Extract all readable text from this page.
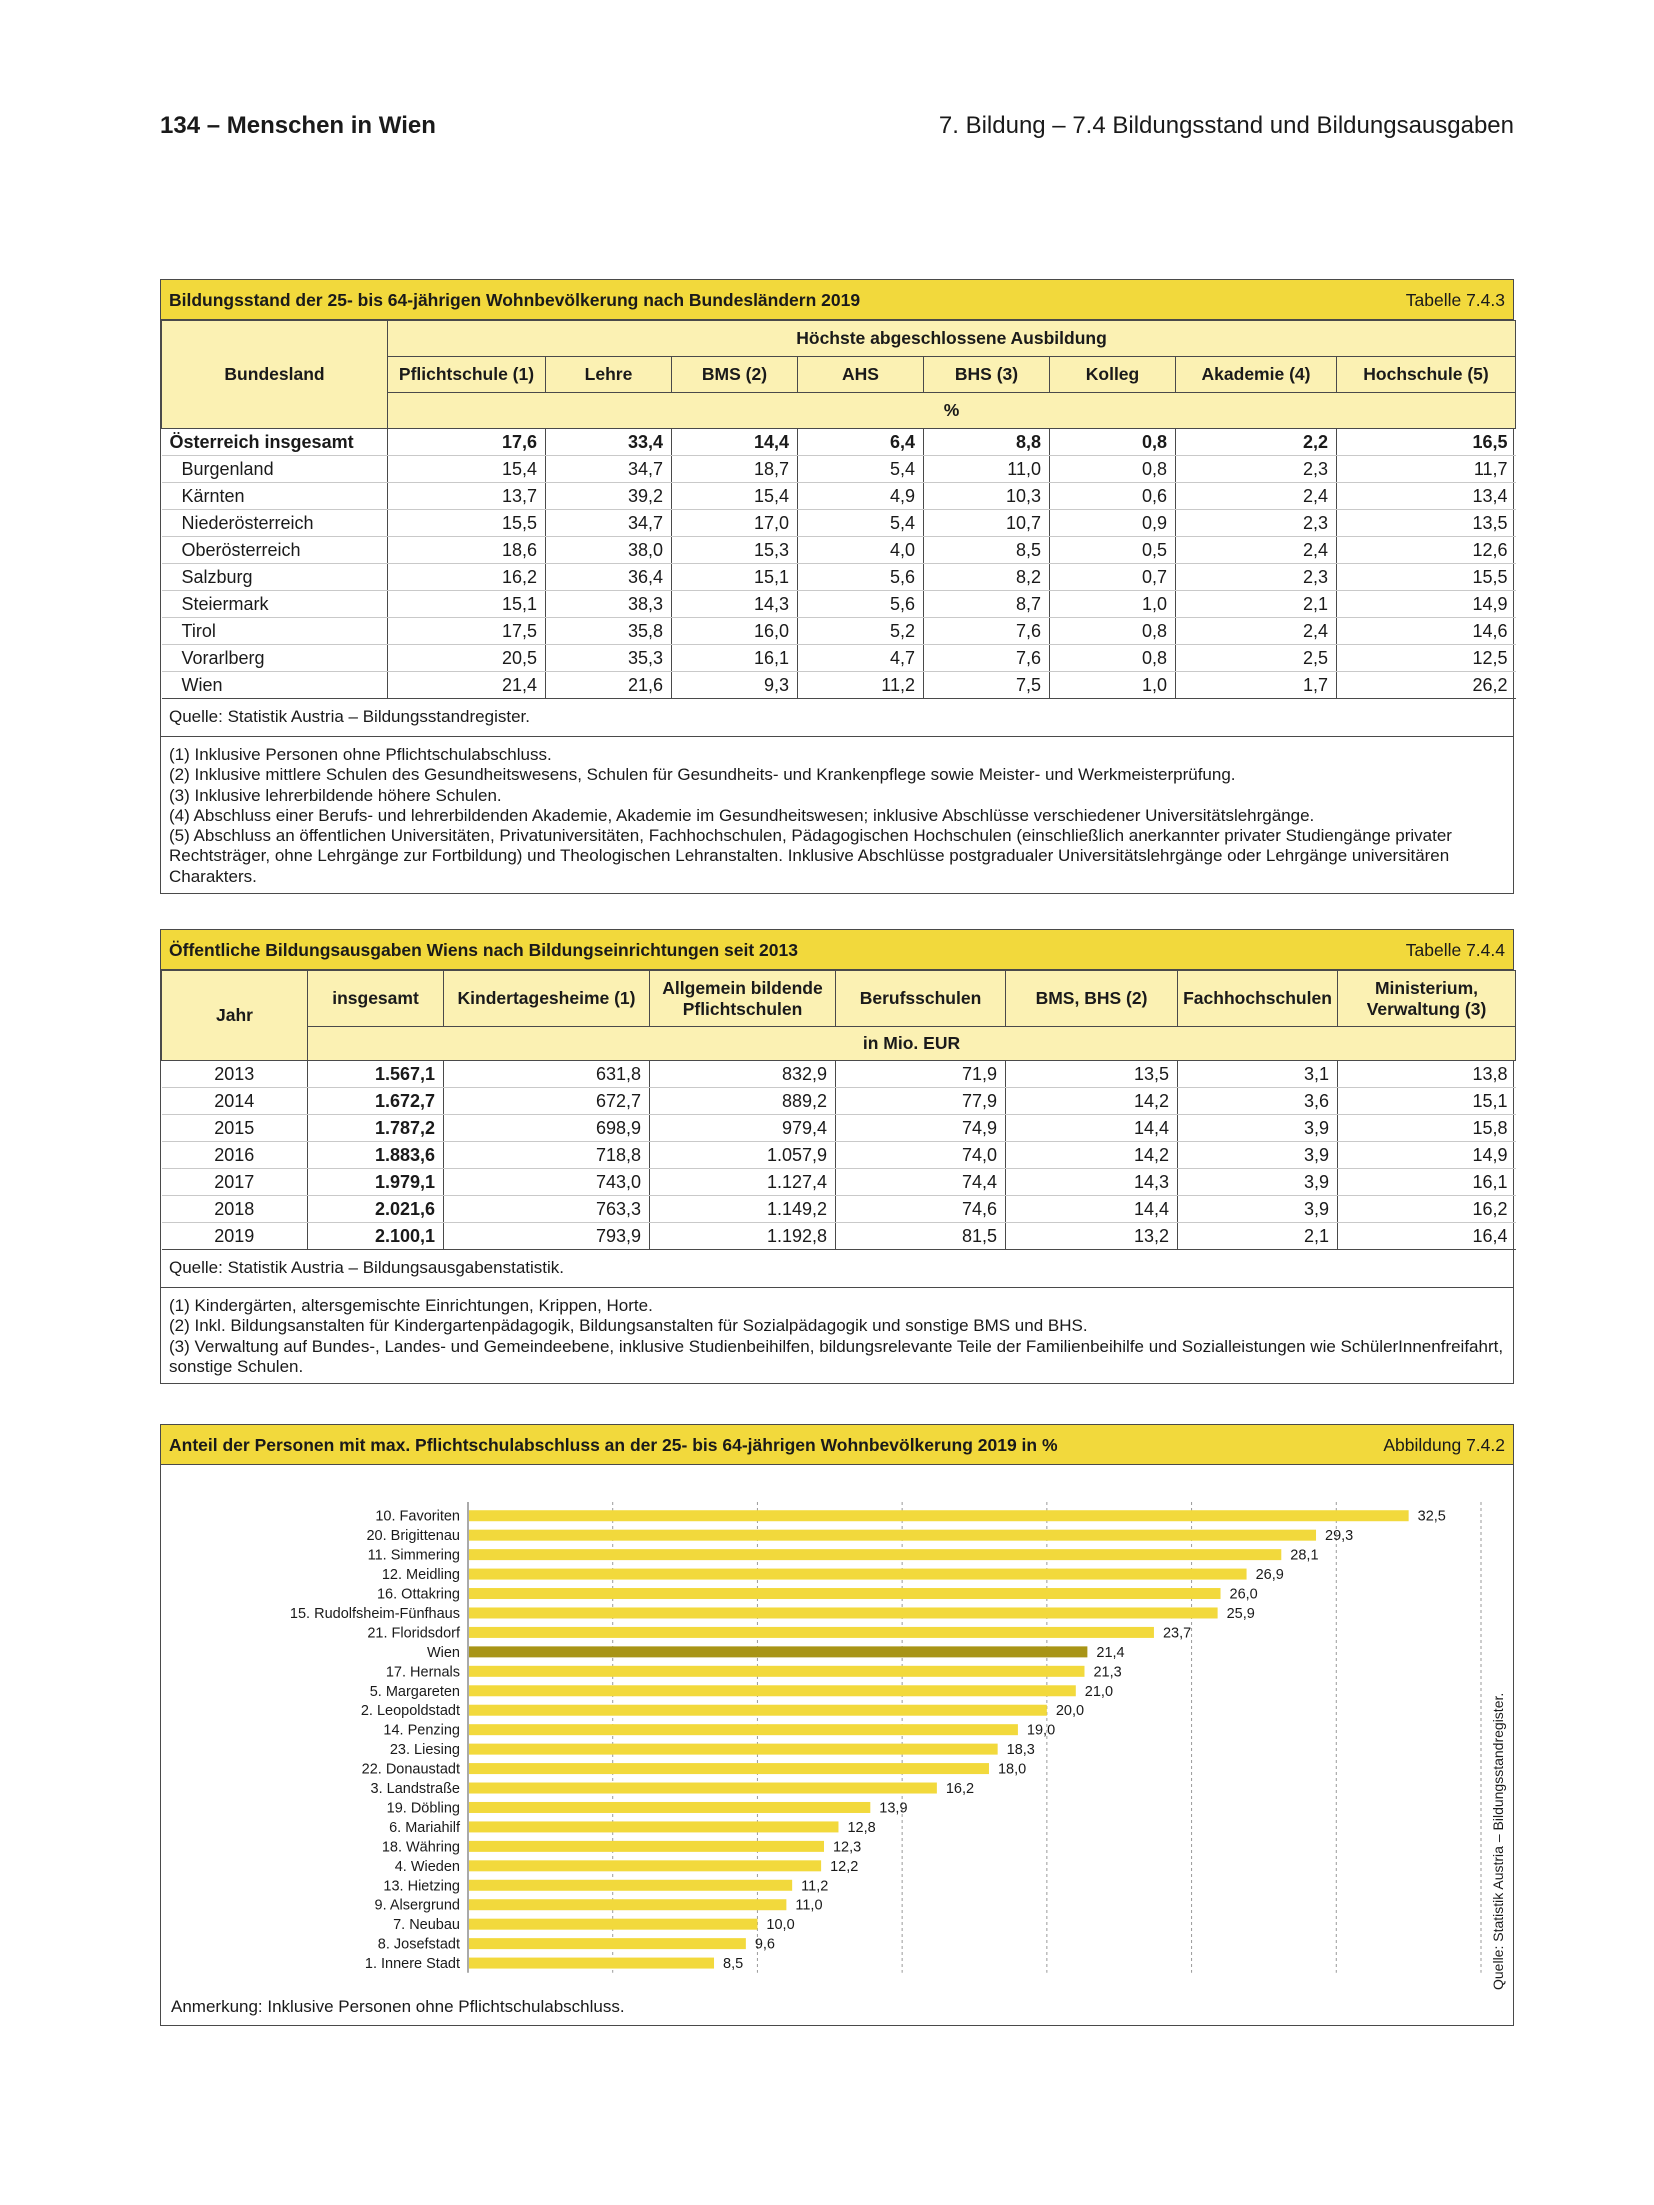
134 – Menschen in Wien	7. Bildung – 7.4 Bildungsstand und Bildungsausgaben
Bildungsstand der 25- bis 64-jährigen Wohnbevölkerung nach Bundesländern 2019	Tabelle 7.4.3
Bundesland	Höchste abgeschlossene Ausbildung							
	Pflichtschule (1)	Lehre	BMS (2)	AHS	BHS (3)	Kolleg	Akademie (4)	Hochschule (5)
	%							
Österreich insgesamt	17,6	33,4	14,4	6,4	8,8	0,8	2,2	16,5
Burgenland	15,4	34,7	18,7	5,4	11,0	0,8	2,3	11,7
Kärnten	13,7	39,2	15,4	4,9	10,3	0,6	2,4	13,4
Niederösterreich	15,5	34,7	17,0	5,4	10,7	0,9	2,3	13,5
Oberösterreich	18,6	38,0	15,3	4,0	8,5	0,5	2,4	12,6
Salzburg	16,2	36,4	15,1	5,6	8,2	0,7	2,3	15,5
Steiermark	15,1	38,3	14,3	5,6	8,7	1,0	2,1	14,9
Tirol	17,5	35,8	16,0	5,2	7,6	0,8	2,4	14,6
Vorarlberg	20,5	35,3	16,1	4,7	7,6	0,8	2,5	12,5
Wien	21,4	21,6	9,3	11,2	7,5	1,0	1,7	26,2
Quelle: Statistik Austria – Bildungsstandregister.
(1) Inklusive Personen ohne Pflichtschulabschluss.
(2) Inklusive mittlere Schulen des Gesundheitswesens, Schulen für Gesundheits- und Krankenpflege sowie Meister- und Werkmeisterprüfung.
(3) Inklusive lehrerbildende höhere Schulen.
(4) Abschluss einer Berufs- und lehrerbildenden Akademie, Akademie im Gesundheitswesen; inklusive Abschlüsse verschiedener Universitätslehrgänge.
(5) Abschluss an öffentlichen Universitäten, Privatuniversitäten, Fachhochschulen, Pädagogischen Hochschulen (einschließlich anerkannter privater Studiengänge privater Rechtsträger, ohne Lehrgänge zur Fortbildung) und Theologischen Lehranstalten. Inklusive Abschlüsse postgradualer Universitätslehrgänge oder Lehrgänge universitären Charakters.
Öffentliche Bildungsausgaben Wiens nach Bildungseinrichtungen seit 2013	Tabelle 7.4.4
Jahr	insgesamt	Kindertagesheime (1)	Allgemein bildende Pflichtschulen	Berufsschulen	BMS, BHS (2)	Fachhochschulen	Ministerium, Verwaltung (3)
	in Mio. EUR						
2013	1.567,1	631,8	832,9	71,9	13,5	3,1	13,8
2014	1.672,7	672,7	889,2	77,9	14,2	3,6	15,1
2015	1.787,2	698,9	979,4	74,9	14,4	3,9	15,8
2016	1.883,6	718,8	1.057,9	74,0	14,2	3,9	14,9
2017	1.979,1	743,0	1.127,4	74,4	14,3	3,9	16,1
2018	2.021,6	763,3	1.149,2	74,6	14,4	3,9	16,2
2019	2.100,1	793,9	1.192,8	81,5	13,2	2,1	16,4
Quelle: Statistik Austria – Bildungsausgabenstatistik.
(1) Kindergärten, altersgemischte Einrichtungen, Krippen, Horte.
(2) Inkl. Bildungsanstalten für Kindergartenpädagogik, Bildungsanstalten für Sozialpädagogik und sonstige BMS und BHS.
(3) Verwaltung auf Bundes-, Landes- und Gemeindeebene, inklusive Studienbeihilfen, bildungsrelevante Teile der Familienbeihilfe und Sozialleistungen wie SchülerInnenfreifahrt, sonstige Schulen.
Anteil der Personen mit max. Pflichtschulabschluss an der 25- bis 64-jährigen Wohnbevölkerung 2019 in %	Abbildung 7.4.2
10. Favoriten	32,5
20. Brigittenau	29,3
11. Simmering	28,1
12. Meidling	26,9
16. Ottakring	26,0
15. Rudolfsheim-Fünfhaus	25,9
21. Floridsdorf	23,7
Wien	21,4
17. Hernals	21,3
5. Margareten	21,0
2. Leopoldstadt	20,0
14. Penzing	19,0
23. Liesing	18,3
22. Donaustadt	18,0
3. Landstraße	16,2
19. Döbling	13,9
6. Mariahilf	12,8
18. Währing	12,3
4. Wieden	12,2
13. Hietzing	11,2
9. Alsergrund	11,0
7. Neubau	10,0
8. Josefstadt	9,6
1. Innere Stadt	8,5
Anmerkung: Inklusive Personen ohne Pflichtschulabschluss.
Quelle: Statistik Austria – Bildungsstandregister.
